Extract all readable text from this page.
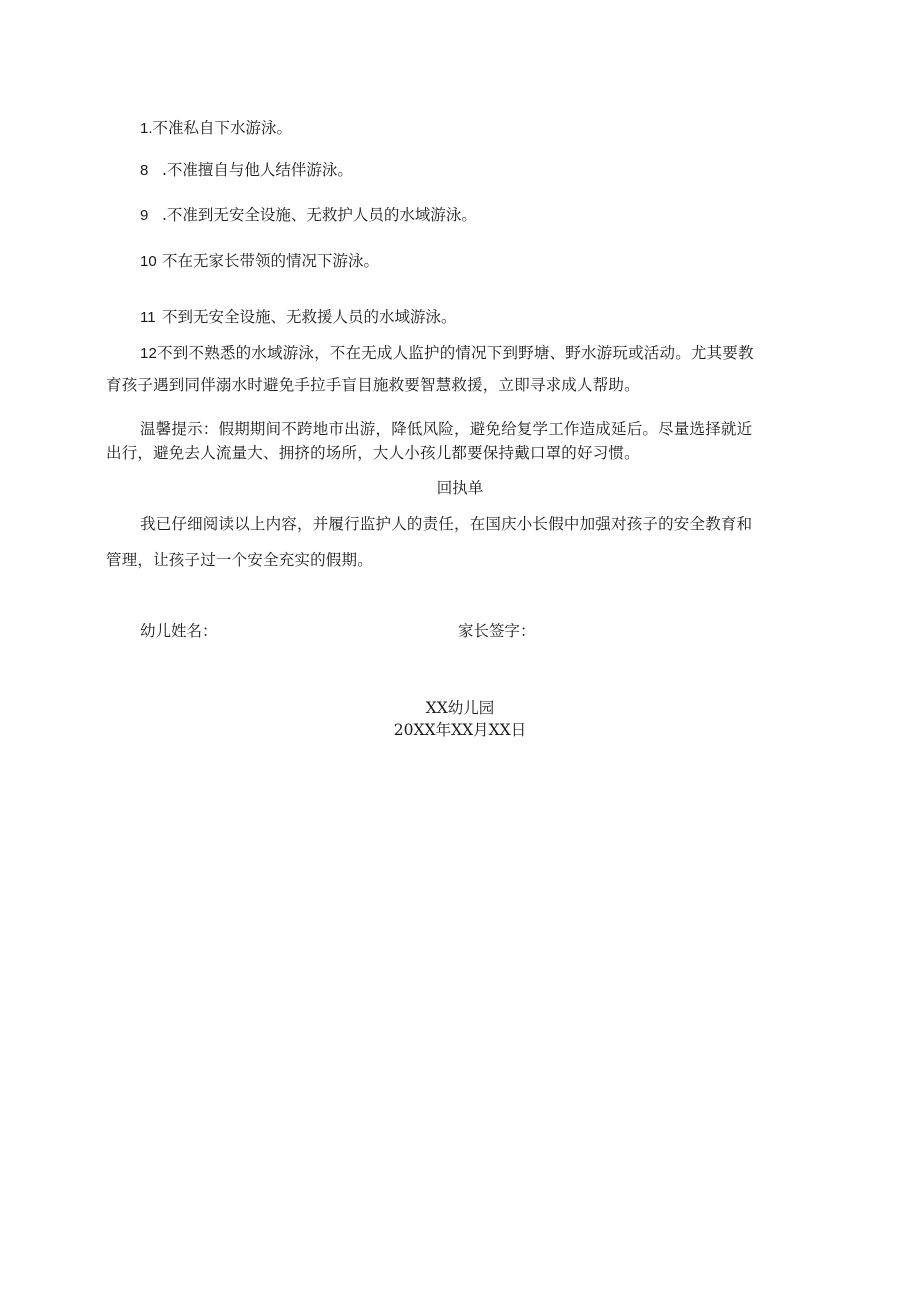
1.不准私自下水游泳。
8 .不准擅自与他人结伴游泳。
9 .不准到无安全设施、无救护人员的水域游泳。
10 不在无家长带领的情况下游泳。
11 不到无安全设施、无救援人员的水域游泳。
12不到不熟悉的水域游泳，不在无成人监护的情况下到野塘、野水游玩或活动。尤其要教
育孩子遇到同伴溺水时避免手拉手盲目施救要智慧救援，立即寻求成人帮助。
温馨提示：假期期间不跨地市出游，降低风险，避免给复学工作造成延后。尽量选择就近
出行，避免去人流量大、拥挤的场所，大人小孩儿都要保持戴口罩的好习惯。
回执单
我已仔细阅读以上内容，并履行监护人的责任，在国庆小长假中加强对孩子的安全教育和
管理，让孩子过一个安全充实的假期。
幼儿姓名：	家长签字：
XX幼儿园
20XX年XX月XX日
